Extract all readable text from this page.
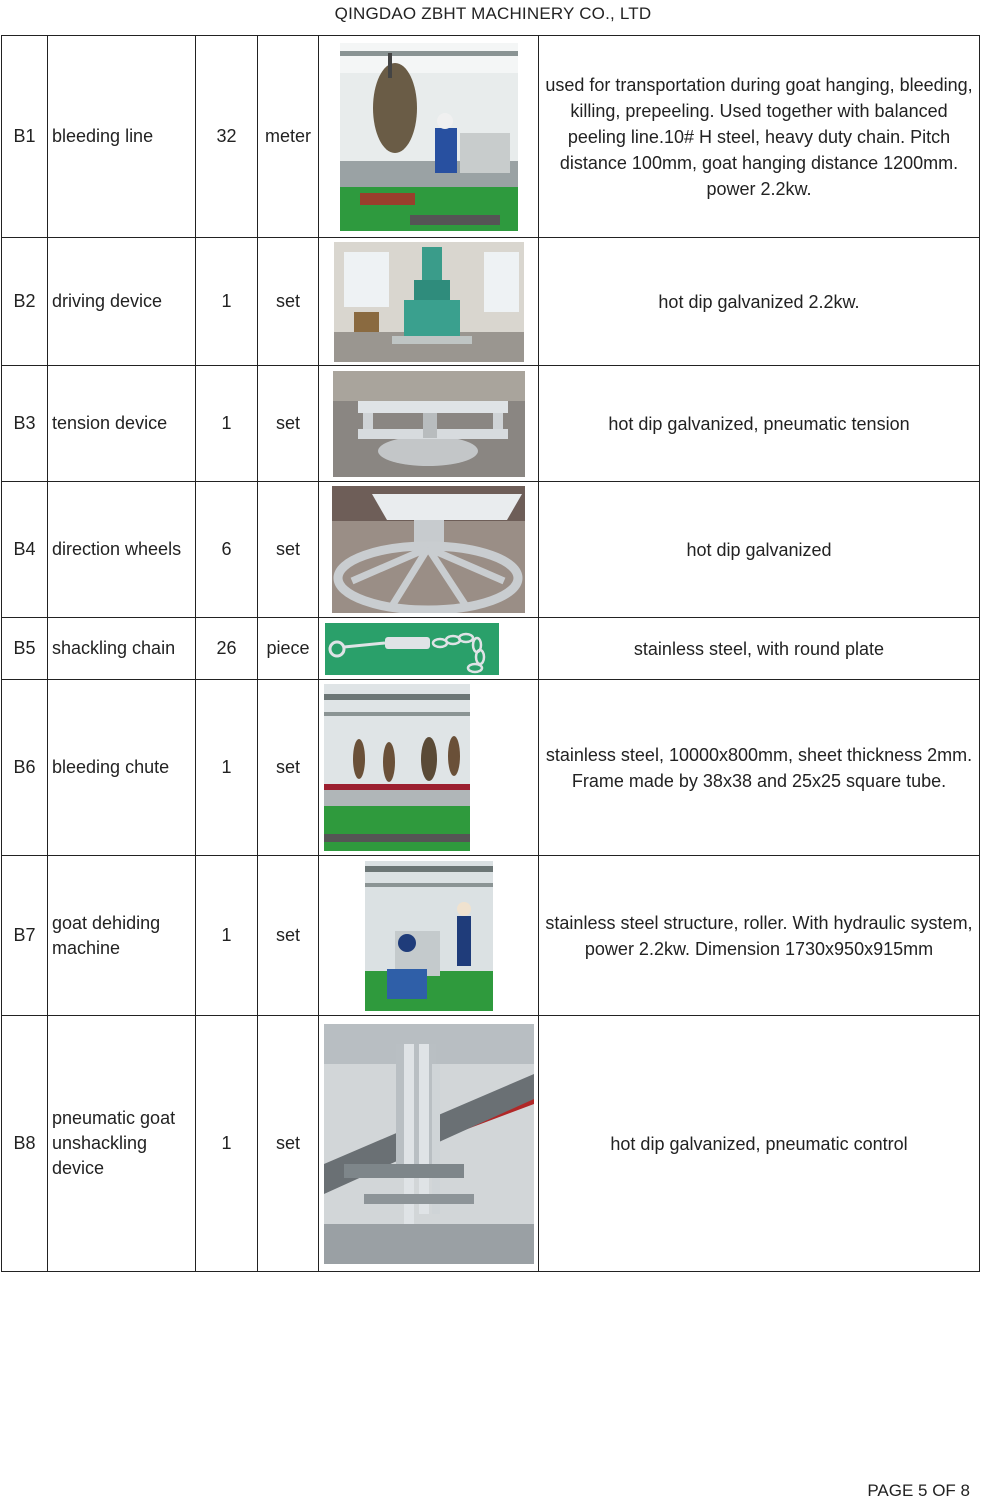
QINGDAO ZBHT MACHINERY CO., LTD
B1	bleeding line	32	meter		used for transportation during goat hanging, bleeding, killing, prepeeling. Used together with balanced peeling line.10# H steel, heavy duty chain. Pitch distance 100mm, goat hanging distance 1200mm. power 2.2kw.
B2	driving device	1	set		hot dip galvanized 2.2kw.
B3	tension device	1	set		hot dip galvanized, pneumatic tension
B4	direction wheels	6	set		hot dip galvanized
B5	shackling chain	26	piece		stainless steel, with round plate
B6	bleeding chute	1	set		stainless steel, 10000x800mm, sheet thickness 2mm. Frame made by 38x38 and 25x25 square tube.
B7	goat dehiding machine	1	set		stainless steel structure, roller. With hydraulic system, power 2.2kw. Dimension 1730x950x915mm
B8	pneumatic goat unshackling device	1	set		hot dip galvanized, pneumatic control
PAGE 5 OF 8
